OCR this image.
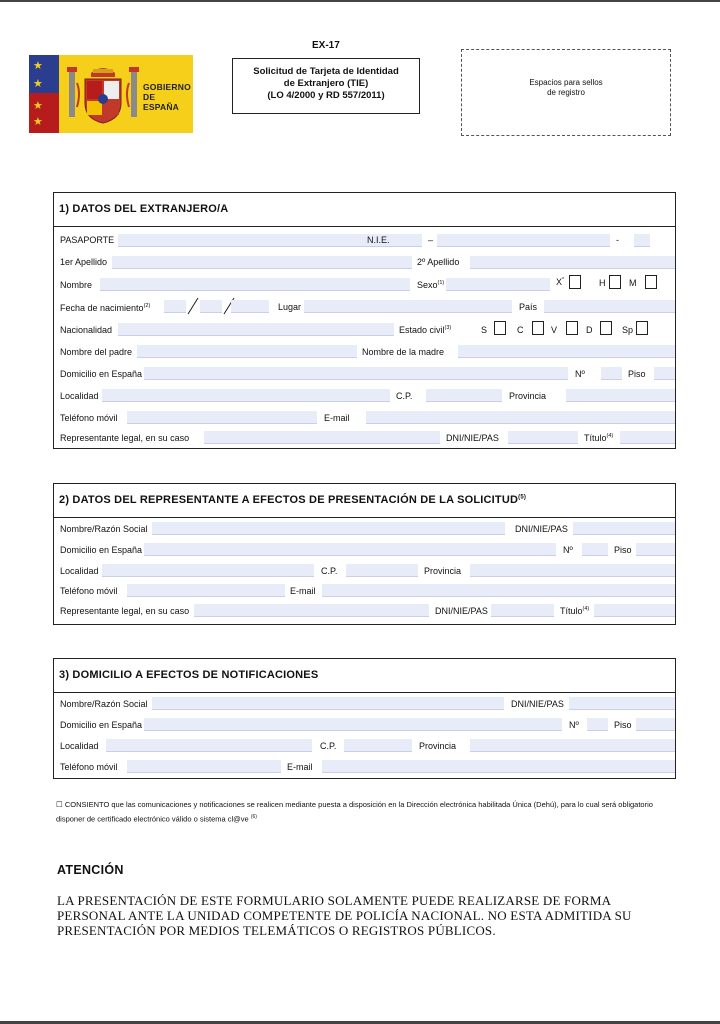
★
★
★
★
GOBIERNO
DE ESPAÑA
EX-17
Solicitud de Tarjeta de Identidad
de Extranjero (TIE)
(LO 4/2000 y RD 557/2011)
Espacios para sellos
de registro
1) DATOS DEL EXTRANJERO/A
PASAPORTE	N.I.E.	–	-
1er Apellido	2º Apellido
Nombre	Sexo$^{(1)}$	X*	H	M
Fecha de nacimiento$^{(2)}$	Lugar	País
Nacionalidad	Estado civil$^{(3)}$	S	C	V	D	Sp
Nombre del padre	Nombre de la madre
Domicilio en España	Nº	Piso
Localidad	C.P.	Provincia
Teléfono móvil	E-mail
Representante legal, en su caso	DNI/NIE/PAS	Título$^{(4)}$
2) DATOS DEL REPRESENTANTE A EFECTOS DE PRESENTACIÓN DE LA SOLICITUD$^{(5)}$
Nombre/Razón Social	DNI/NIE/PAS
Domicilio en España	Nº	Piso
Localidad	C.P.	Provincia
Teléfono móvil	E-mail
Representante legal, en su caso	DNI/NIE/PAS	Título$^{(4)}$
3) DOMICILIO A EFECTOS DE NOTIFICACIONES
Nombre/Razón Social	DNI/NIE/PAS
Domicilio en España	Nº	Piso
Localidad	C.P.	Provincia
Teléfono móvil	E-mail
☐ CONSIENTO que las comunicaciones y notificaciones se realicen mediante puesta a disposición en la Dirección electrónica habilitada Única (Dehú), para lo cual será obligatorio disponer de certificado electrónico válido o sistema cl@ve $^{(6)}$
ATENCIÓN
LA PRESENTACIÓN DE ESTE FORMULARIO SOLAMENTE PUEDE REALIZARSE DE FORMA PERSONAL ANTE LA UNIDAD COMPETENTE DE POLICÍA NACIONAL. NO ESTA ADMITIDA SU PRESENTACIÓN POR MEDIOS TELEMÁTICOS O REGISTROS PÚBLICOS.
